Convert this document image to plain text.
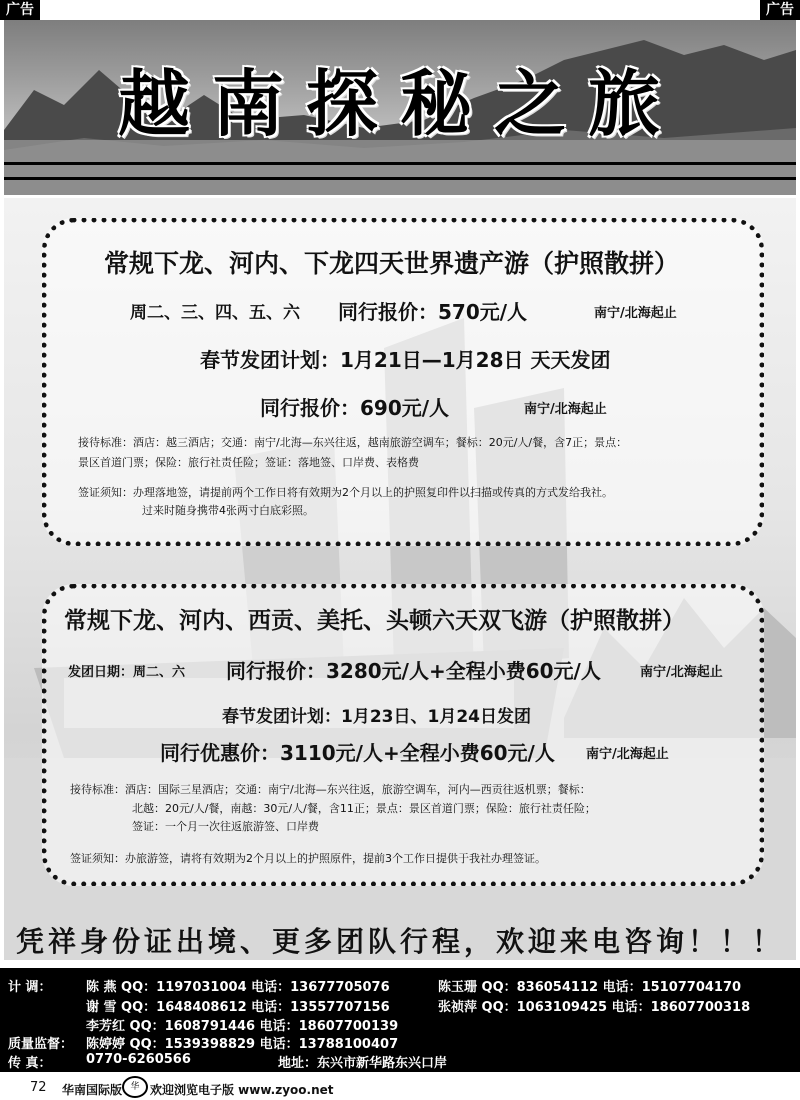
广告	广告
越南探秘之旅
常规下龙、河内、下龙四天世界遗产游（护照散拼）
周二、三、四、五、六 同行报价：570元/人	南宁/北海起止
春节发团计划：1月21日—1月28日 天天发团
同行报价：690元/人	南宁/北海起止
接待标准：酒店：越三酒店；交通：南宁/北海—东兴往返，越南旅游空调车；餐标：20元/人/餐，含7正；景点：
景区首道门票；保险：旅行社责任险；签证：落地签、口岸费、表格费
签证须知：办理落地签，请提前两个工作日将有效期为2个月以上的护照复印件以扫描或传真的方式发给我社。
过来时随身携带4张两寸白底彩照。
常规下龙、河内、西贡、美托、头顿六天双飞游（护照散拼）
发团日期：周二、六 同行报价：3280元/人+全程小费60元/人	南宁/北海起止
春节发团计划：1月23日、1月24日发团
同行优惠价：3110元/人+全程小费60元/人 南宁/北海起止
接待标准：酒店：国际三星酒店；交通：南宁/北海—东兴往返，旅游空调车，河内—西贡往返机票；餐标：
北越：20元/人/餐，南越：30元/人/餐，含11正；景点：景区首道门票；保险：旅行社责任险；
签证：一个月一次往返旅游签、口岸费
签证须知：办旅游签，请将有效期为2个月以上的护照原件，提前3个工作日提供于我社办理签证。
凭祥身份证出境、更多团队行程，欢迎来电咨询！！！
计 调：	陈 燕 QQ：1197031004 电话：13677705076	陈玉珊 QQ：836054112 电话：15107704170
谢 雪 QQ：1648408612 电话：13557707156	张祯萍 QQ：1063109425 电话：18607700318
李芳红 QQ：1608791446 电话：18607700139
质量监督： 陈婷婷 QQ：1539398829 电话：13788100407
传 真：	0770-6260566	地址：东兴市新华路东兴口岸
72 华南国际版 华 欢迎浏览电子版 www.zyoo.net
